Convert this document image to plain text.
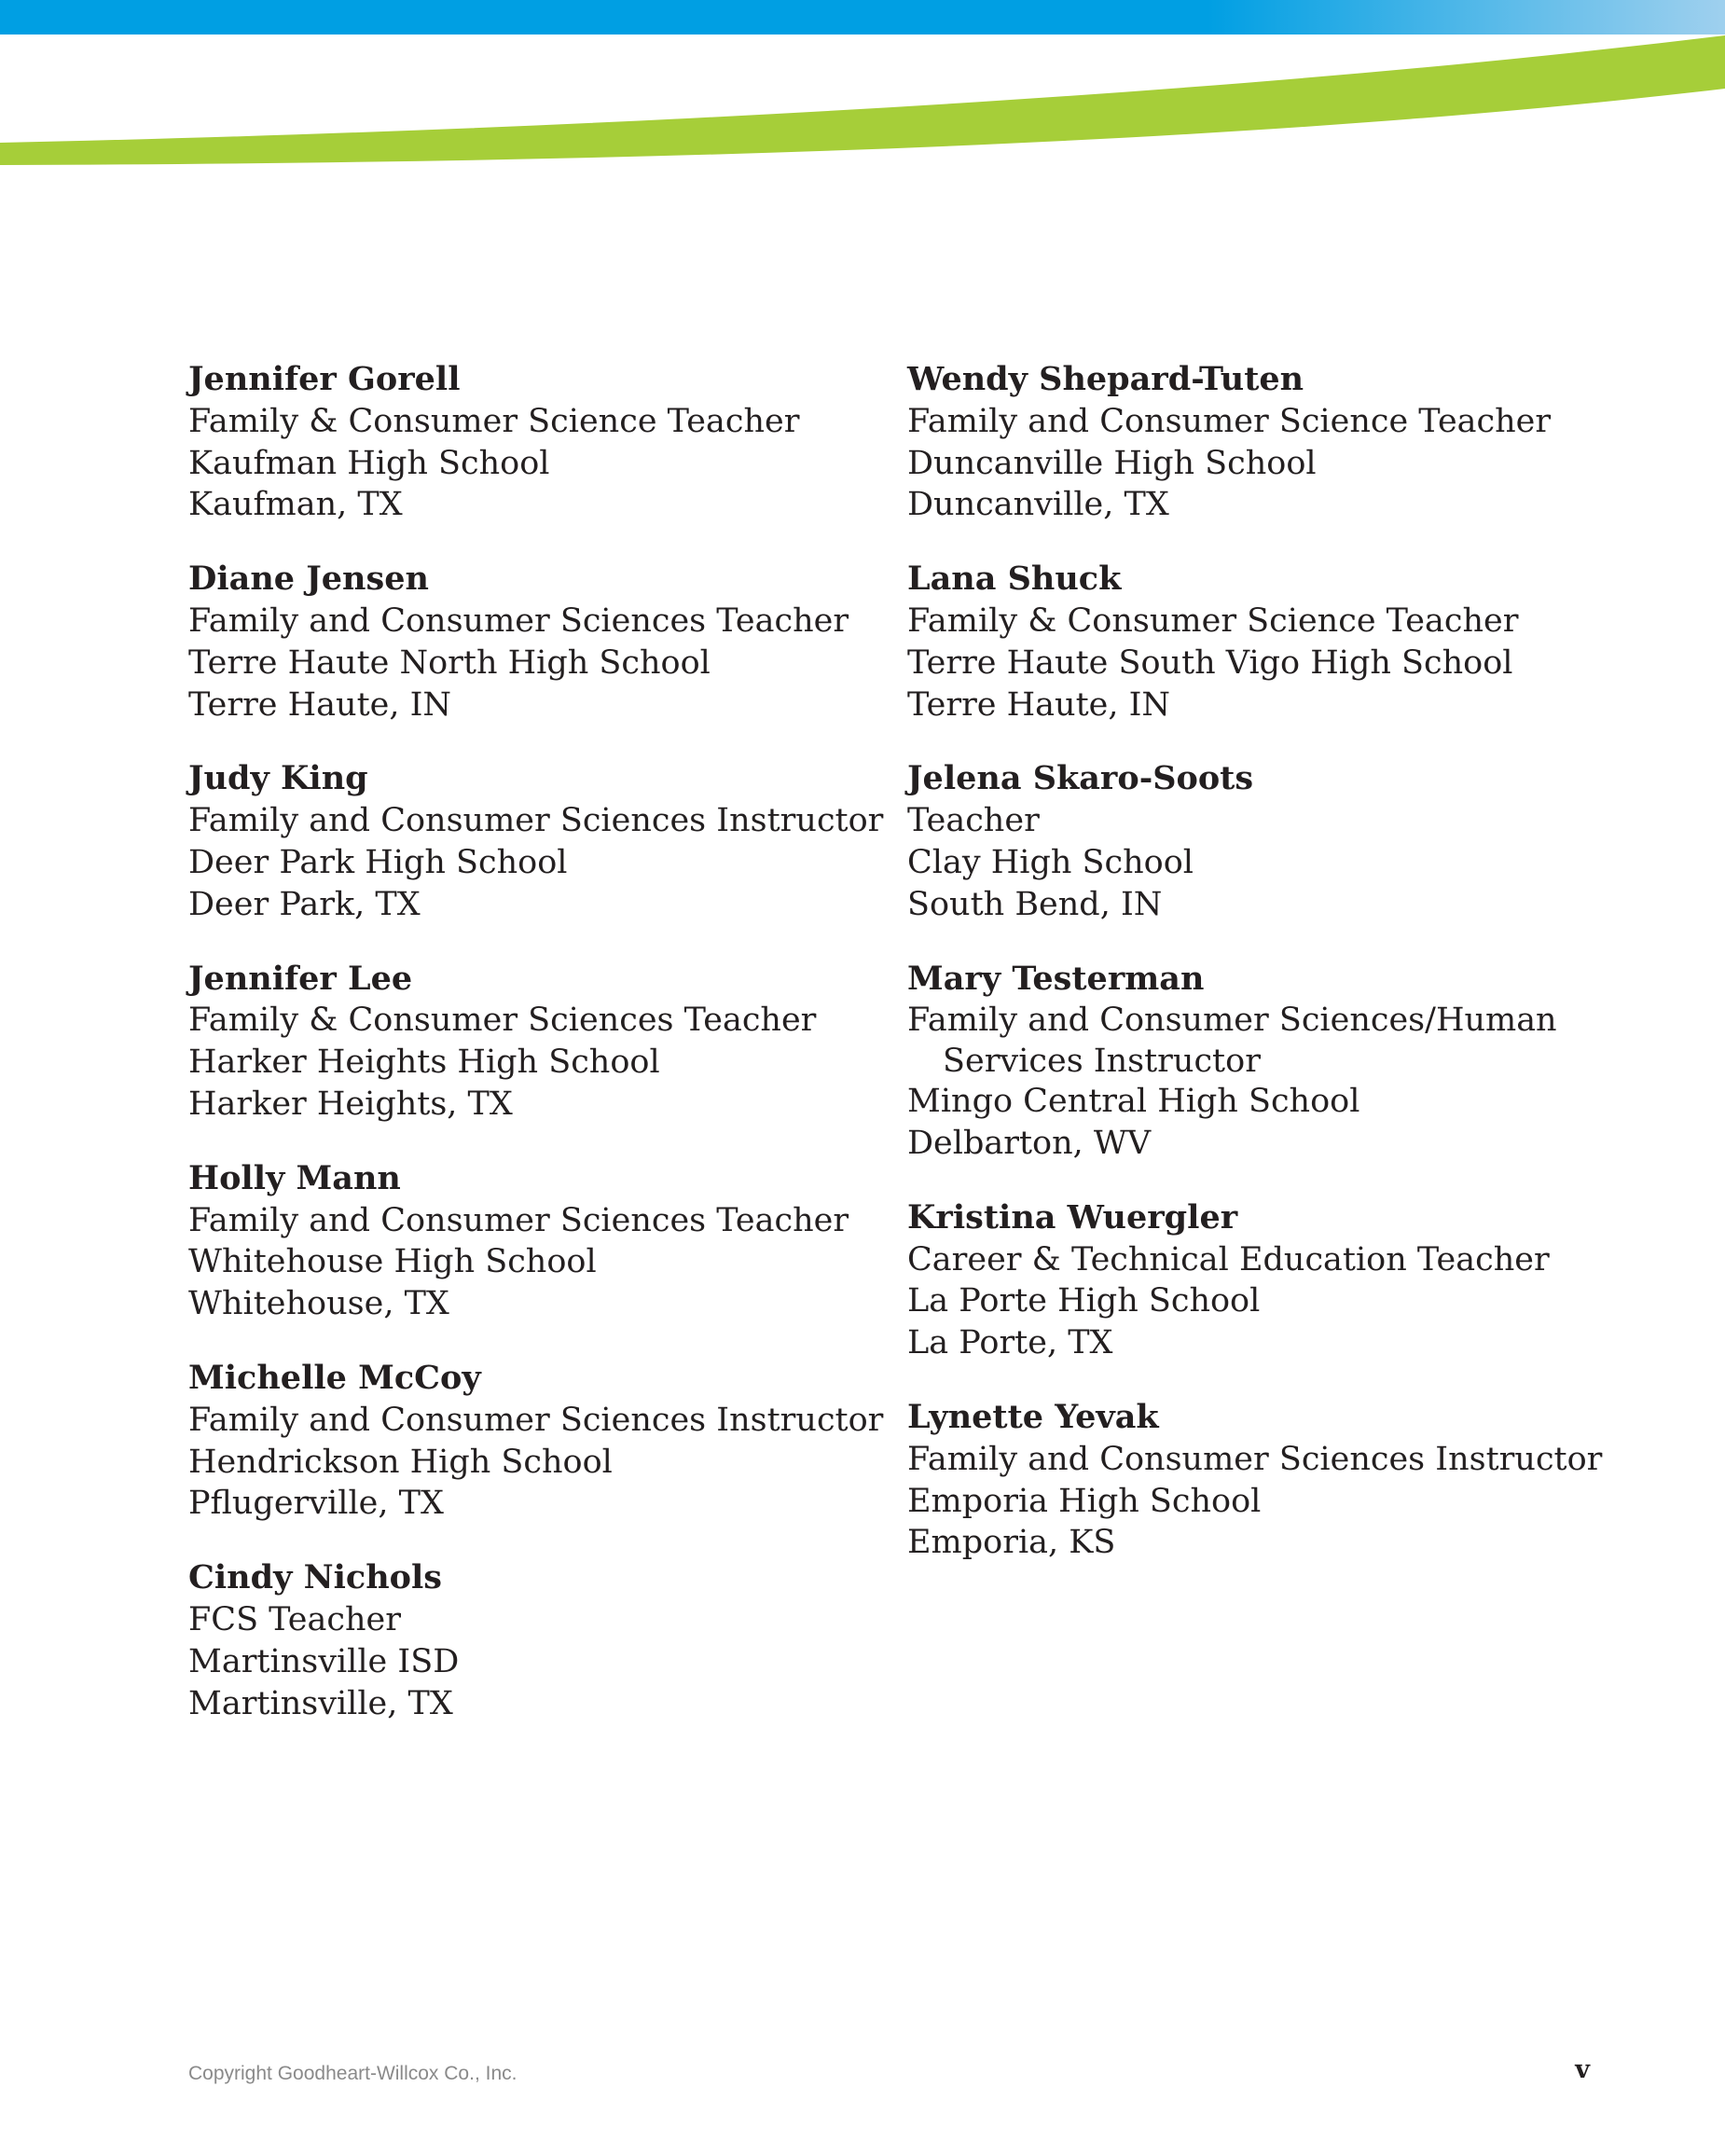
Jennifer Gorell
Family & Consumer Science Teacher
Kaufman High School
Kaufman, TX
Diane Jensen
Family and Consumer Sciences Teacher
Terre Haute North High School
Terre Haute, IN
Judy King
Family and Consumer Sciences Instructor
Deer Park High School
Deer Park, TX
Jennifer Lee
Family & Consumer Sciences Teacher
Harker Heights High School
Harker Heights, TX
Holly Mann
Family and Consumer Sciences Teacher
Whitehouse High School
Whitehouse, TX
Michelle McCoy
Family and Consumer Sciences Instructor
Hendrickson High School
Pflugerville, TX
Cindy Nichols
FCS Teacher
Martinsville ISD
Martinsville, TX
Wendy Shepard-Tuten
Family and Consumer Science Teacher
Duncanville High School
Duncanville, TX
Lana Shuck
Family & Consumer Science Teacher
Terre Haute South Vigo High School
Terre Haute, IN
Jelena Skaro-Soots
Teacher
Clay High School
South Bend, IN
Mary Testerman
Family and Consumer Sciences/Human
Services Instructor
Mingo Central High School
Delbarton, WV
Kristina Wuergler
Career & Technical Education Teacher
La Porte High School
La Porte, TX
Lynette Yevak
Family and Consumer Sciences Instructor
Emporia High School
Emporia, KS
Copyright Goodheart-Willcox Co., Inc.	v
